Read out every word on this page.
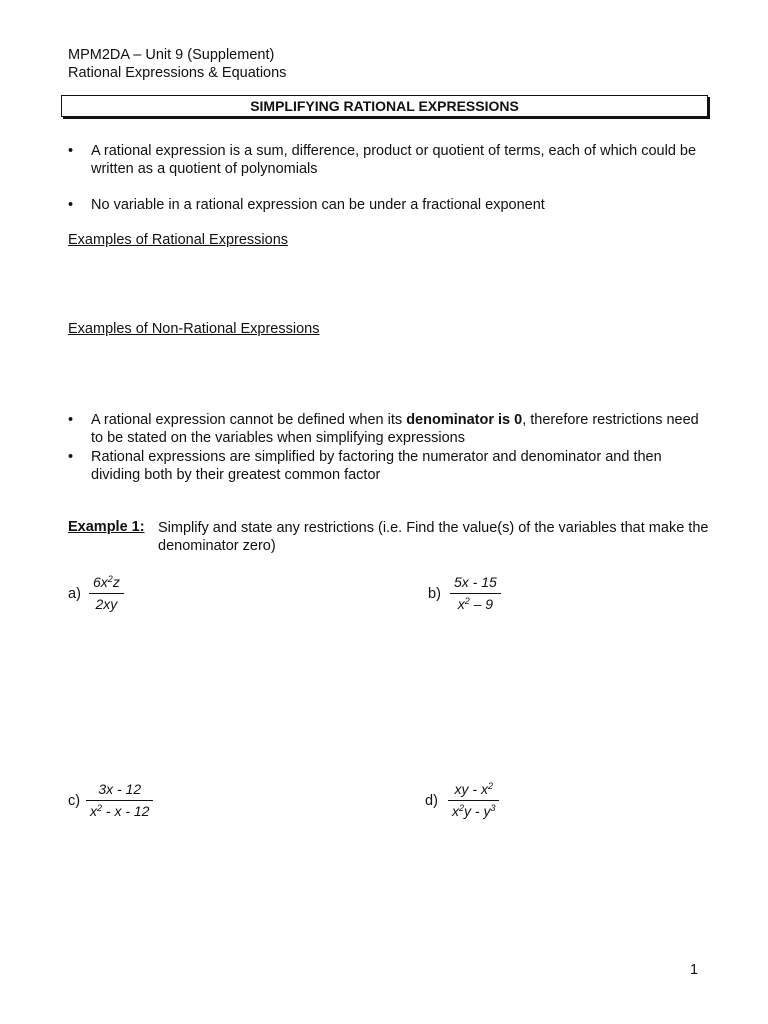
MPM2DA – Unit 9 (Supplement)
Rational Expressions & Equations
SIMPLIFYING RATIONAL EXPRESSIONS
• A rational expression is a sum, difference, product or quotient of terms, each of which could be written as a quotient of polynomials
• No variable in a rational expression can be under a fractional exponent
Examples of Rational Expressions
Examples of Non-Rational Expressions
• A rational expression cannot be defined when its denominator is 0, therefore restrictions need to be stated on the variables when simplifying expressions
• Rational expressions are simplified by factoring the numerator and denominator and then dividing both by their greatest common factor
Example 1: Simplify and state any restrictions (i.e. Find the value(s) of the variables that make the denominator zero)
a)
$6x^2z$
2xy
b)
5x - 15
$x^2 - 9$
c)
3x - 12
$x^2$ - x - 12
d)
xy - $x^2$
$x^2y - y^3$
1
